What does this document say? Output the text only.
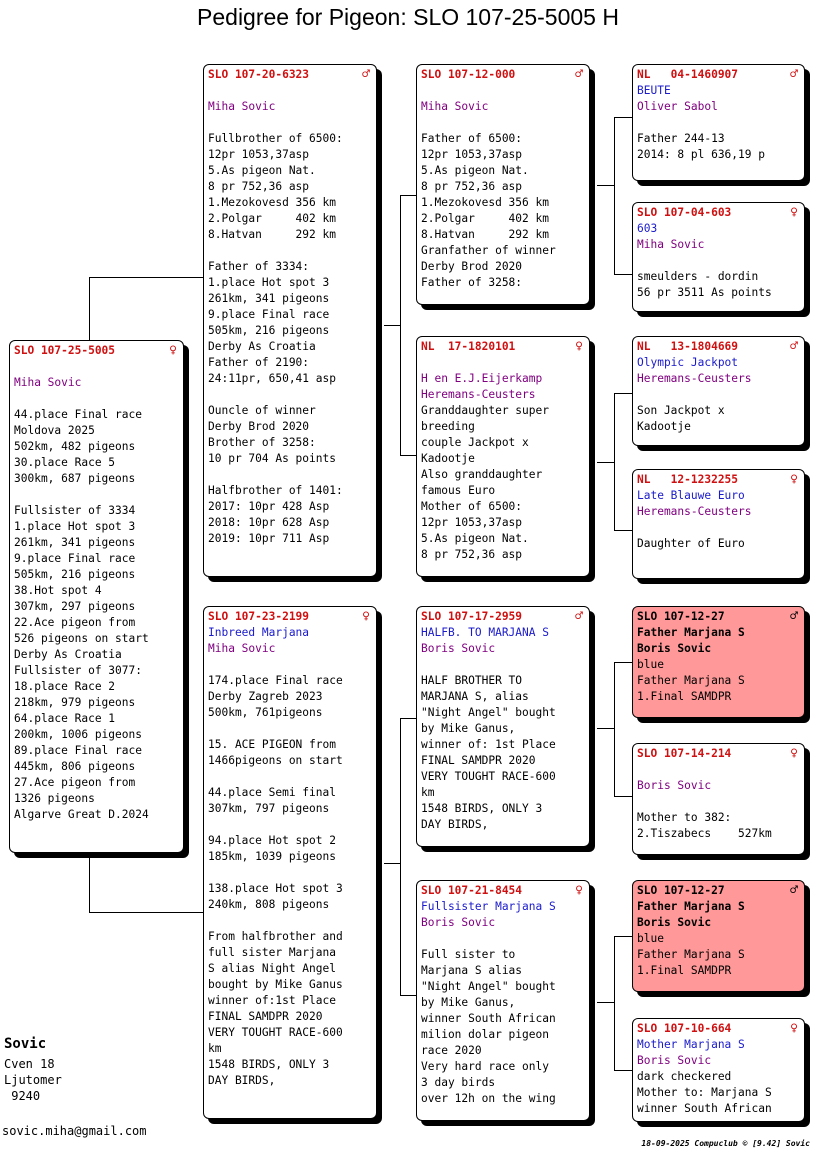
Pedigree for Pigeon: SLO 107-25-5005 H
SLO 107-25-5005	♀
Miha Sovic
44.place Final race
Moldova 2025
502km, 482 pigeons
30.place Race 5
300km, 687 pigeons
Fullsister of 3334
1.place Hot spot 3
261km, 341 pigeons
9.place Final race
505km, 216 pigeons
38.Hot spot 4
307km, 297 pigeons
22.Ace pigeon from
526 pigeons on start
Derby As Croatia
Fullsister of 3077:
18.place Race 2
218km, 979 pigeons
64.place Race 1
200km, 1006 pigeons
89.place Final race
445km, 806 pigeons
27.Ace pigeon from
1326 pigeons
Algarve Great D.2024
SLO 107-20-6323	♂
Miha Sovic
Fullbrother of 6500:
12pr 1053,37asp
5.As pigeon Nat.
8 pr 752,36 asp
1.Mezokovesd 356 km
2.Polgar     402 km
8.Hatvan     292 km
Father of 3334:
1.place Hot spot 3
261km, 341 pigeons
9.place Final race
505km, 216 pigeons
Derby As Croatia
Father of 2190:
24:11pr, 650,41 asp
Ouncle of winner
Derby Brod 2020
Brother of 3258:
10 pr 704 As points
Halfbrother of 1401:
2017: 10pr 428 Asp
2018: 10pr 628 Asp
2019: 10pr 711 Asp
SLO 107-23-2199	♀
Inbreed Marjana
Miha Sovic
174.place Final race
Derby Zagreb 2023
500km, 761pigeons
15. ACE PIGEON from
1466pigeons on start
44.place Semi final
307km, 797 pigeons
94.place Hot spot 2
185km, 1039 pigeons
138.place Hot spot 3
240km, 808 pigeons
From halfbrother and
full sister Marjana
S alias Night Angel
bought by Mike Ganus
winner of:1st Place
FINAL SAMDPR 2020
VERY TOUGHT RACE-600
km
1548 BIRDS, ONLY 3
DAY BIRDS,
SLO 107-12-000	♂
Miha Sovic
Father of 6500:
12pr 1053,37asp
5.As pigeon Nat.
8 pr 752,36 asp
1.Mezokovesd 356 km
2.Polgar     402 km
8.Hatvan     292 km
Granfather of winner
Derby Brod 2020
Father of 3258:
NL  17-1820101	♀
H en E.J.Eijerkamp
Heremans-Ceusters
Granddaughter super
breeding
couple Jackpot x
Kadootje
Also granddaughter
famous Euro
Mother of 6500:
12pr 1053,37asp
5.As pigeon Nat.
8 pr 752,36 asp
SLO 107-17-2959	♂
HALFB. TO MARJANA S
Boris Sovic
HALF BROTHER TO
MARJANA S, alias
"Night Angel" bought
by Mike Ganus,
winner of: 1st Place
FINAL SAMDPR 2020
VERY TOUGHT RACE-600
km
1548 BIRDS, ONLY 3
DAY BIRDS,
SLO 107-21-8454	♀
Fullsister Marjana S
Boris Sovic
Full sister to
Marjana S alias
"Night Angel" bought
by Mike Ganus,
winner South African
milion dolar pigeon
race 2020
Very hard race only
3 day birds
over 12h on the wing
NL   04-1460907	♂
BEUTE
Oliver Sabol
Father 244-13
2014: 8 pl 636,19 p
SLO 107-04-603	♀
603
Miha Sovic
smeulders - dordin
56 pr 3511 As points
NL   13-1804669	♂
Olympic Jackpot
Heremans-Ceusters
Son Jackpot x
Kadootje
NL   12-1232255	♀
Late Blauwe Euro
Heremans-Ceusters
Daughter of Euro
SLO 107-12-27	♂
Father Marjana S
Boris Sovic
blue
Father Marjana S
1.Final SAMDPR
SLO 107-14-214	♀
Boris Sovic
Mother to 382:
2.Tiszabecs    527km
SLO 107-12-27	♂
Father Marjana S
Boris Sovic
blue
Father Marjana S
1.Final SAMDPR
SLO 107-10-664	♀
Mother Marjana S
Boris Sovic
dark checkered
Mother to: Marjana S
winner South African
Sovic
Cven 18
Ljutomer
9240
sovic.miha@gmail.com
18-09-2025 Compuclub © [9.42] Sovic
